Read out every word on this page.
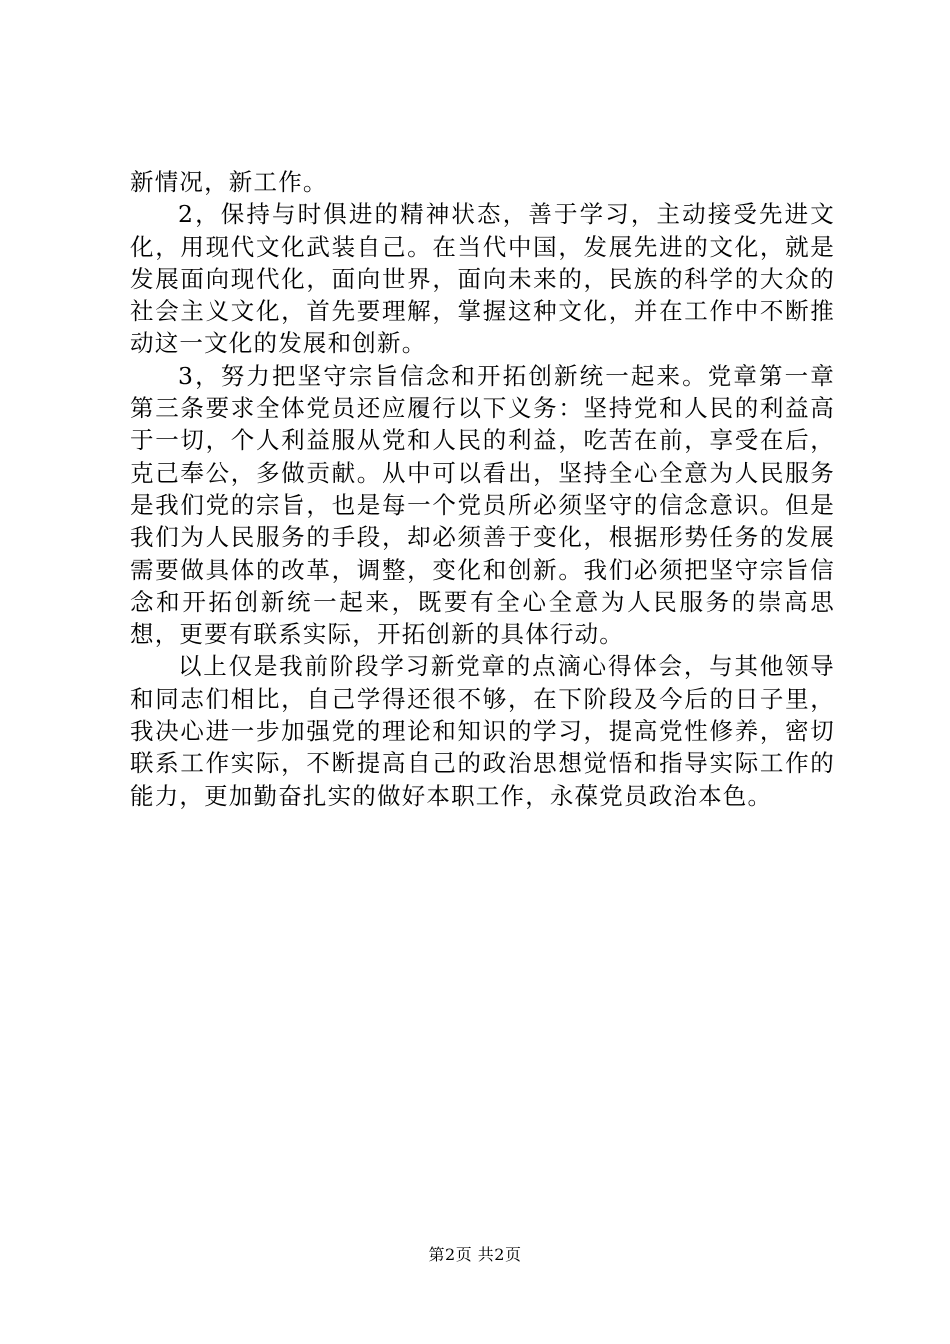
新情况，新工作。

2，保持与时俱进的精神状态，善于学习，主动接受先进文化，用现代文化武装自己。在当代中国，发展先进的文化，就是发展面向现代化，面向世界，面向未来的，民族的科学的大众的社会主义文化，首先要理解，掌握这种文化，并在工作中不断推动这一文化的发展和创新。

3，努力把坚守宗旨信念和开拓创新统一起来。党章第一章第三条要求全体党员还应履行以下义务：坚持党和人民的利益高于一切，个人利益服从党和人民的利益，吃苦在前，享受在后，克己奉公，多做贡献。从中可以看出，坚持全心全意为人民服务是我们党的宗旨，也是每一个党员所必须坚守的信念意识。但是我们为人民服务的手段，却必须善于变化，根据形势任务的发展需要做具体的改革，调整，变化和创新。我们必须把坚守宗旨信念和开拓创新统一起来，既要有全心全意为人民服务的崇高思想，更要有联系实际，开拓创新的具体行动。

以上仅是我前阶段学习新党章的点滴心得体会，与其他领导和同志们相比，自己学得还很不够，在下阶段及今后的日子里，我决心进一步加强党的理论和知识的学习，提高党性修养，密切联系工作实际，不断提高自己的政治思想觉悟和指导实际工作的能力，更加勤奋扎实的做好本职工作，永葆党员政治本色。

第2页 共2页
